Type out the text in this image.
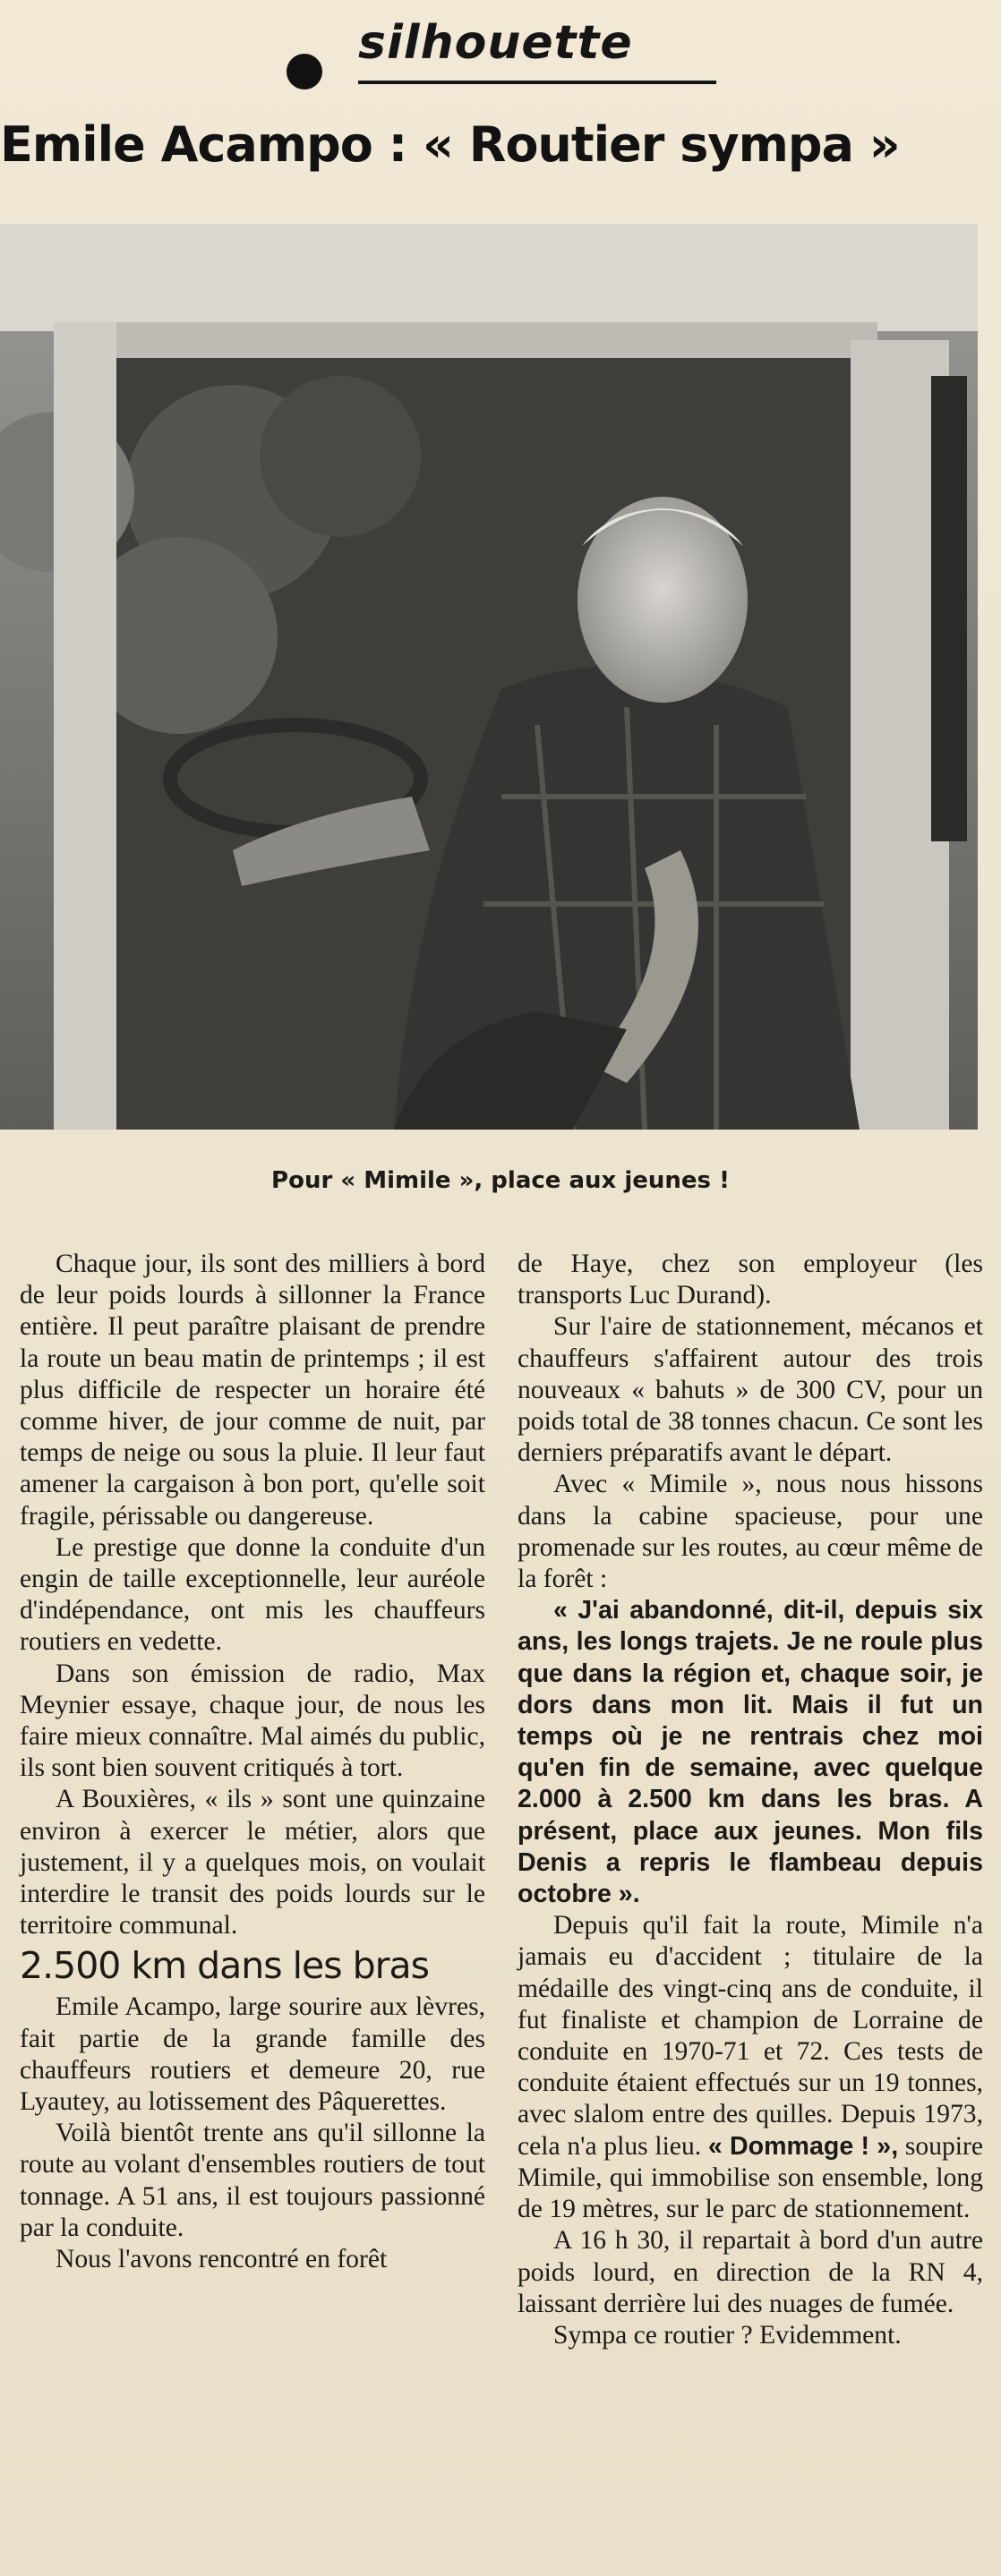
silhouette
Emile Acampo : « Routier sympa »
Pour « Mimile », place aux jeunes !

Chaque jour, ils sont des milliers à bord de leur poids lourds à sillonner la France entière. Il peut paraître plaisant de prendre la route un beau matin de printemps ; il est plus difficile de respecter un horaire été comme hiver, de jour comme de nuit, par temps de neige ou sous la pluie. Il leur faut amener la cargaison à bon port, qu'elle soit fragile, périssable ou dangereuse.

Le prestige que donne la conduite d'un engin de taille exceptionnelle, leur auréole d'indépendance, ont mis les chauffeurs routiers en vedette.

Dans son émission de radio, Max Meynier essaye, chaque jour, de nous les faire mieux connaître. Mal aimés du public, ils sont bien souvent critiqués à tort.

A Bouxières, « ils » sont une quinzaine environ à exercer le métier, alors que justement, il y a quelques mois, on voulait interdire le transit des poids lourds sur le territoire communal.

2.500 km dans les bras

Emile Acampo, large sourire aux lèvres, fait partie de la grande famille des chauffeurs routiers et demeure 20, rue Lyautey, au lotissement des Pâquerettes.

Voilà bientôt trente ans qu'il sillonne la route au volant d'ensembles routiers de tout tonnage. A 51 ans, il est toujours passionné par la conduite.

Nous l'avons rencontré en forêt

de Haye, chez son employeur (les transports Luc Durand).

Sur l'aire de stationnement, mécanos et chauffeurs s'affairent autour des trois nouveaux « bahuts » de 300 CV, pour un poids total de 38 tonnes chacun. Ce sont les derniers préparatifs avant le départ.

Avec « Mimile », nous nous hissons dans la cabine spacieuse, pour une promenade sur les routes, au cœur même de la forêt :

« J'ai abandonné, dit-il, depuis six ans, les longs trajets. Je ne roule plus que dans la région et, chaque soir, je dors dans mon lit. Mais il fut un temps où je ne rentrais chez moi qu'en fin de semaine, avec quelque 2.000 à 2.500 km dans les bras. A présent, place aux jeunes. Mon fils Denis a repris le flambeau depuis octobre ».

Depuis qu'il fait la route, Mimile n'a jamais eu d'accident ; titulaire de la médaille des vingt-cinq ans de conduite, il fut finaliste et champion de Lorraine de conduite en 1970-71 et 72. Ces tests de conduite étaient effectués sur un 19 tonnes, avec slalom entre des quilles. Depuis 1973, cela n'a plus lieu. « Dommage ! », soupire Mimile, qui immobilise son ensemble, long de 19 mètres, sur le parc de stationnement.

A 16 h 30, il repartait à bord d'un autre poids lourd, en direction de la RN 4, laissant derrière lui des nuages de fumée.

Sympa ce routier ? Evidemment.
